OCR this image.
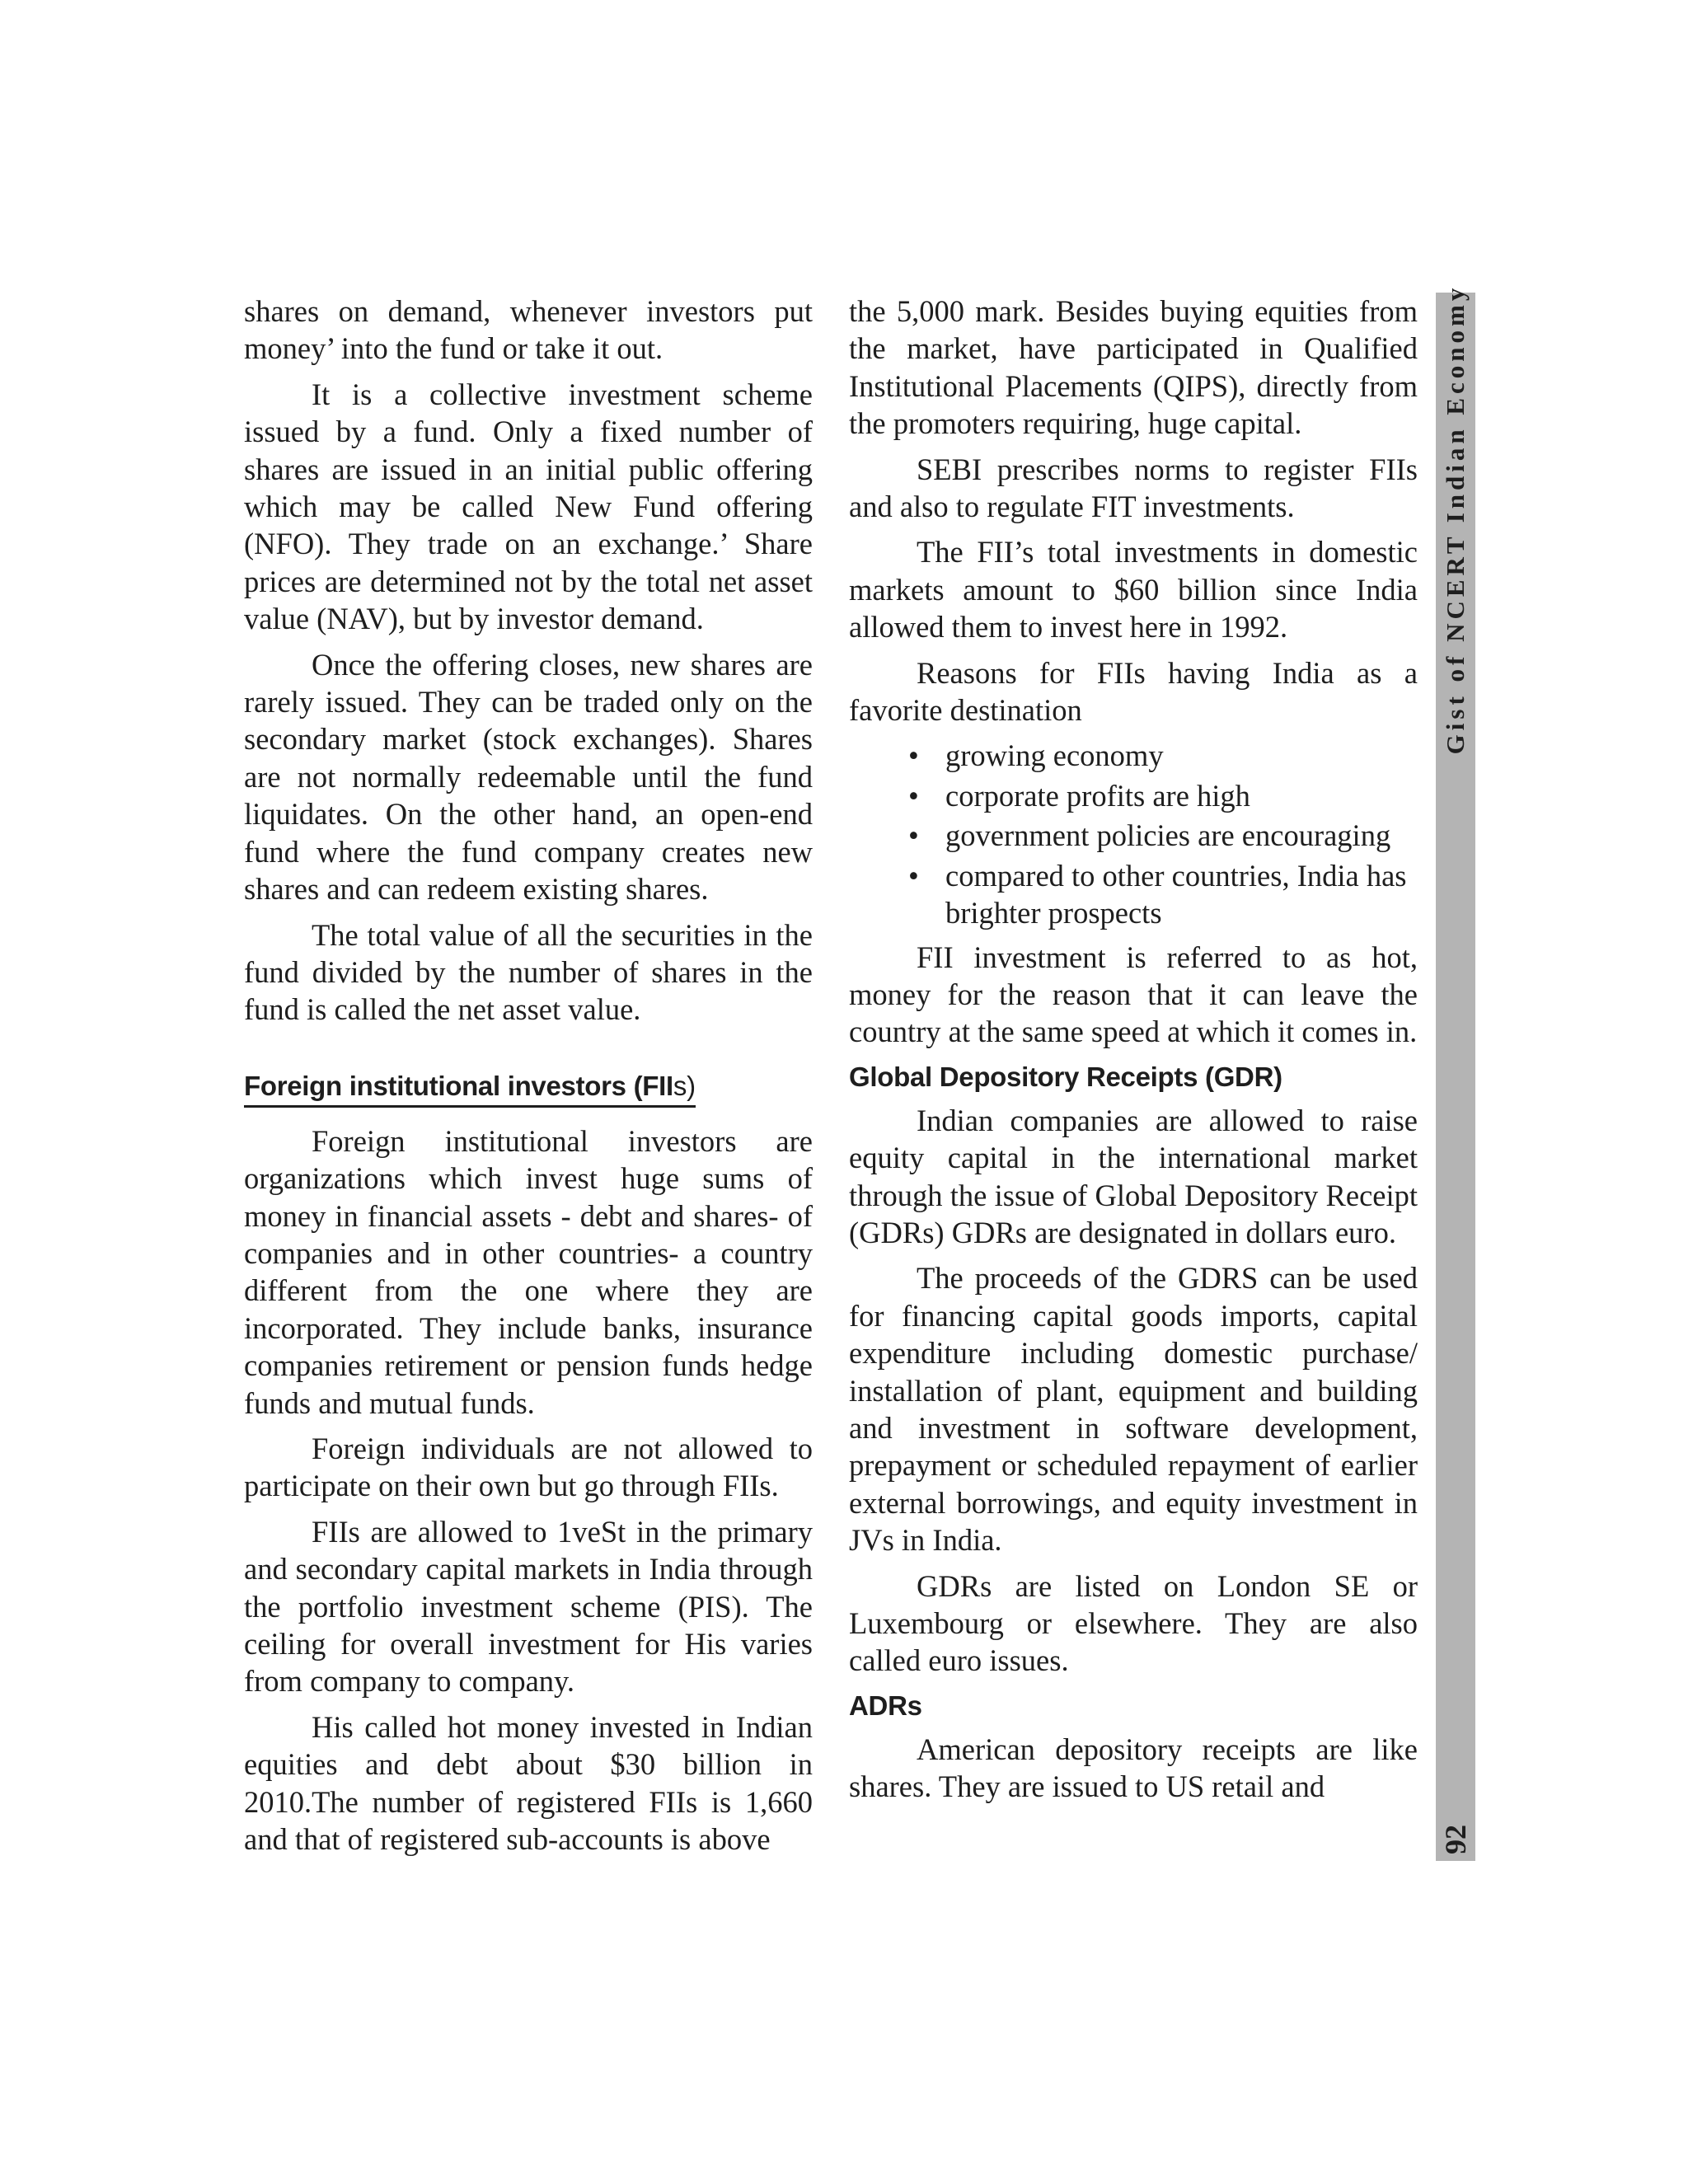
shares on demand, whenever investors put money’ into the fund or take it out.

It is a collective investment scheme issued by a fund. Only a fixed number of shares are issued in an initial public offering which may be called New Fund offering (NFO). They trade on an exchange.’ Share prices are determined not by the total net asset value (NAV), but by investor demand.

Once the offering closes, new shares are rarely issued. They can be traded only on the secondary market (stock exchanges). Shares are not normally redeemable until the fund liquidates. On the other hand, an open-end fund where the fund company creates new shares and can redeem existing shares.

The total value of all the securities in the fund divided by the number of shares in the fund is called the net asset value.

Foreign institutional investors (FIIs)

Foreign institutional investors are organizations which invest huge sums of money in financial assets - debt and shares- of companies and in other countries- a country different from the one where they are incorporated. They include banks, insurance companies retirement or pension funds hedge funds and mutual funds.

Foreign individuals are not allowed to participate on their own but go through FIIs.

FIIs are allowed to 1veSt in the primary and secondary capital markets in India through the portfolio investment scheme (PIS). The ceiling for overall investment for His varies from company to company.

His called hot money invested in Indian equities and debt about $30 billion in 2010.The number of registered FIIs is 1,660 and that of registered sub-accounts is above

the 5,000 mark. Besides buying equities from the market, have participated in Qualified Institutional Placements (QIPS), directly from the promoters requiring, huge capital.

SEBI prescribes norms to register FIIs and also to regulate FIT investments.

The FII’s total investments in domestic markets amount to $60 billion since India allowed them to invest here in 1992.

Reasons for FIIs having India as a favorite destination

• growing economy
• corporate profits are high
• government policies are encouraging
• compared to other countries, India has brighter prospects

FII investment is referred to as hot, money for the reason that it can leave the country at the same speed at which it comes in.

Global Depository Receipts (GDR)

Indian companies are allowed to raise equity capital in the international market through the issue of Global Depository Receipt (GDRs) GDRs are designated in dollars euro.

The proceeds of the GDRS can be used for financing capital goods imports, capital expenditure including domestic purchase/ installation of plant, equipment and building and investment in software development, prepayment or scheduled repayment of earlier external borrowings, and equity investment in JVs in India.

GDRs are listed on London SE or Luxembourg or elsewhere. They are also called euro issues.

ADRs

American depository receipts are like shares. They are issued to US retail and

Gist of NCERT Indian Economy
92
